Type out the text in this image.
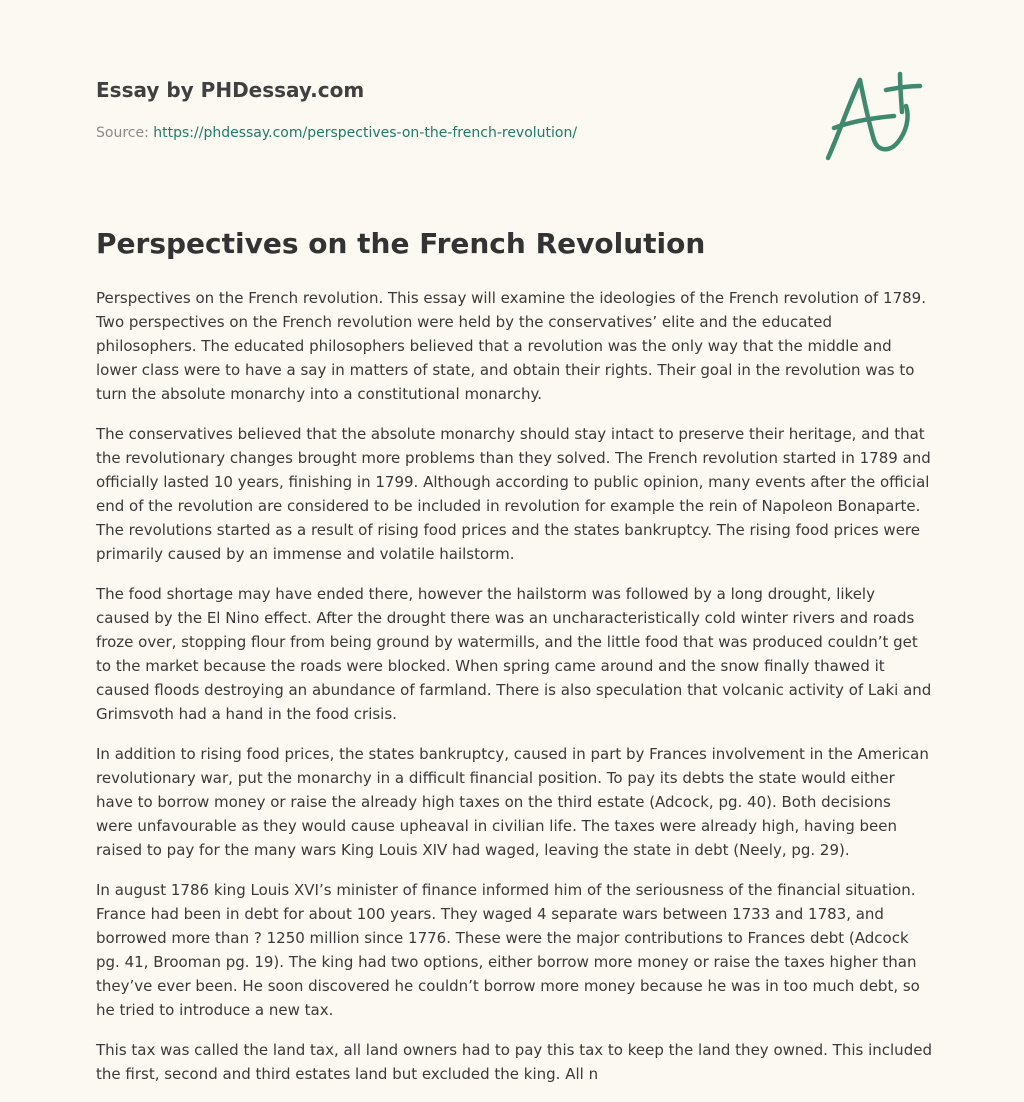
Essay by PHDessay.com
Source: https://phdessay.com/perspectives-on-the-french-revolution/
Perspectives on the French Revolution

Perspectives on the French revolution. This essay will examine the ideologies of the French revolution of 1789. Two perspectives on the French revolution were held by the conservatives’ elite and the educated philosophers. The educated philosophers believed that a revolution was the only way that the middle and lower class were to have a say in matters of state, and obtain their rights. Their goal in the revolution was to turn the absolute monarchy into a constitutional monarchy.

The conservatives believed that the absolute monarchy should stay intact to preserve their heritage, and that the revolutionary changes brought more problems than they solved. The French revolution started in 1789 and officially lasted 10 years, finishing in 1799. Although according to public opinion, many events after the official end of the revolution are considered to be included in revolution for example the rein of Napoleon Bonaparte. The revolutions started as a result of rising food prices and the states bankruptcy. The rising food prices were primarily caused by an immense and volatile hailstorm.

The food shortage may have ended there, however the hailstorm was followed by a long drought, likely caused by the El Nino effect. After the drought there was an uncharacteristically cold winter rivers and roads froze over, stopping flour from being ground by watermills, and the little food that was produced couldn’t get to the market because the roads were blocked. When spring came around and the snow finally thawed it caused floods destroying an abundance of farmland. There is also speculation that volcanic activity of Laki and Grimsvoth had a hand in the food crisis.

In addition to rising food prices, the states bankruptcy, caused in part by Frances involvement in the American revolutionary war, put the monarchy in a difficult financial position. To pay its debts the state would either have to borrow money or raise the already high taxes on the third estate (Adcock, pg. 40). Both decisions were unfavourable as they would cause upheaval in civilian life. The taxes were already high, having been raised to pay for the many wars King Louis XIV had waged, leaving the state in debt (Neely, pg. 29).

In august 1786 king Louis XVI’s minister of finance informed him of the seriousness of the financial situation. France had been in debt for about 100 years. They waged 4 separate wars between 1733 and 1783, and borrowed more than ? 1250 million since 1776. These were the major contributions to Frances debt (Adcock pg. 41, Brooman pg. 19). The king had two options, either borrow more money or raise the taxes higher than they’ve ever been. He soon discovered he couldn’t borrow more money because he was in too much debt, so he tried to introduce a new tax.

This tax was called the land tax, all land owners had to pay this tax to keep the land they owned. This included the first, second and third estates land but excluded the king. All n
